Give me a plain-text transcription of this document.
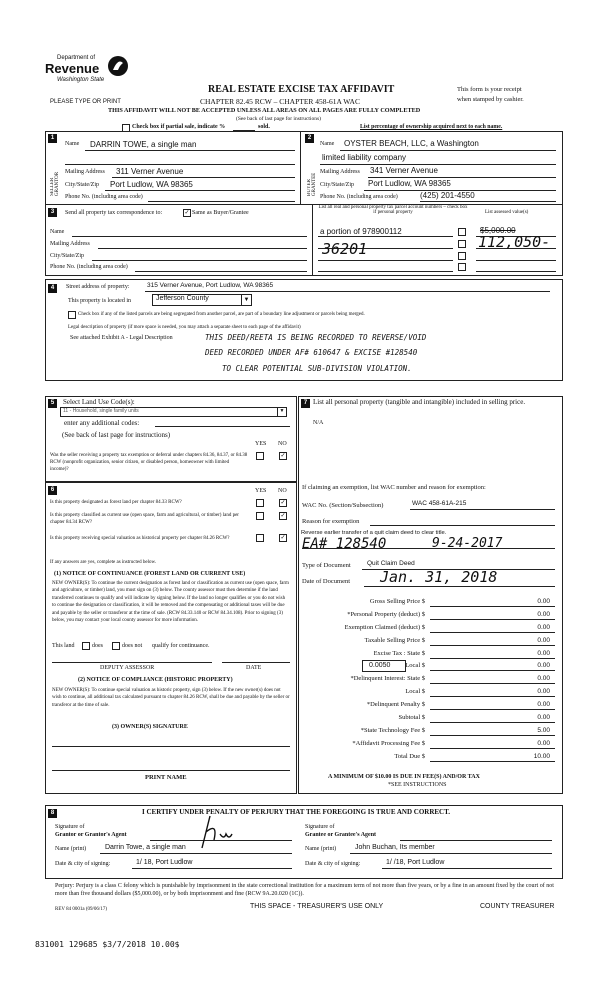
Department of
Revenue
Washington State
REAL ESTATE EXCISE TAX AFFIDAVIT
PLEASE TYPE OR PRINT	CHAPTER 82.45 RCW – CHAPTER 458-61A WAC
This form is your receipt
when stamped by cashier.
THIS AFFIDAVIT WILL NOT BE ACCEPTED UNLESS ALL AREAS ON ALL PAGES ARE FULLY COMPLETED
(See back of last page for instructions)
Check box if partial sale, indicate %	sold.	List percentage of ownership acquired next to each name.
1
SELLER GRANTOR
Name DARRIN TOWE, a single man
Mailing Address 311 Verner Avenue
City/State/Zip Port Ludlow, WA 98365
Phone No. (including area code)
2
BUYER GRANTEE
Name OYSTER BEACH, LLC, a Washington
limited liability company
Mailing Address 341 Verner Avenue
City/State/Zip Port Ludlow, WA 98365
Phone No. (including area code)	(425) 201-4550
3	Send all property tax correspondence to:	✓ Same as Buyer/Grantee
List all real and personal property tax parcel account numbers – check box if personal property	List assessed value(s)
Name
Mailing Address
City/State/Zip
Phone No. (including area code)
a portion of 978900112
36201
$5,000.00
112,050-
4	Street address of property:	315 Verner Avenue, Port Ludlow, WA 98365
This property is located in	Jefferson County	▼
Check box if any of the listed parcels are being segregated from another parcel, are part of a boundary line adjustment or parcels being merged.
Legal description of property (if more space is needed, you may attach a separate sheet to each page of the affidavit)
See attached Exhibit A - Legal Description	THIS DEED/REETA IS BEING RECORDED TO REVERSE/VOID
DEED RECORDED UNDER AF# 610647 & EXCISE #128540
TO CLEAR POTENTIAL SUB-DIVISION VIOLATION.
5	Select Land Use Code(s):
11 - Household, single family units	▼
enter any additional codes:
(See back of last page for instructions)
YES NO
Was the seller receiving a property tax exemption or deferral under chapters 84.36, 84.37, or 84.38 RCW (nonprofit organization, senior citizen, or disabled person, homeowner with limited income)?
✓
6	YES NO
Is this property designated as forest land per chapter 84.33 RCW?	✓
Is this property classified as current use (open space, farm and agricultural, or timber) land per chapter 84.34 RCW?
✓
Is this property receiving special valuation as historical property per chapter 84.26 RCW?	✓
If any answers are yes, complete as instructed below.
(1) NOTICE OF CONTINUANCE (FOREST LAND OR CURRENT USE)
NEW OWNER(S): To continue the current designation as forest land or classification as current use (open space, farm and agriculture, or timber) land, you must sign on (3) below. The county assessor must then determine if the land transferred continues to qualify and will indicate by signing below. If the land no longer qualifies or you do not wish to continue the designation or classification, it will be removed and the compensating or additional taxes will be due and payable by the seller or transferor at the time of sale. (RCW 84.33.140 or RCW 84.34.108). Prior to signing (3) below, you may contact your local county assessor for more information.
This land	does	does not qualify for continuance.
DEPUTY ASSESSOR	DATE
(2) NOTICE OF COMPLIANCE (HISTORIC PROPERTY)
NEW OWNER(S): To continue special valuation as historic property, sign (3) below. If the new owner(s) does not wish to continue, all additional tax calculated pursuant to chapter 84.26 RCW, shall be due and payable by the seller or transferor at the time of sale.
(3) OWNER(S) SIGNATURE
PRINT NAME
7 List all personal property (tangible and intangible) included in selling price.
N/A
If claiming an exemption, list WAC number and reason for exemption:
WAC No. (Section/Subsection)	WAC 458-61A-215
Reason for exemption
Reverse earlier transfer of a quit claim deed to clear title.
EA# 128540	9-24-2017
Type of Document	Quit Claim Deed
Date of Document Jan. 31, 2018
Gross Selling Price $	0.00
*Personal Property (deduct) $	0.00
Exemption Claimed (deduct) $	0.00
Taxable Selling Price $	0.00
Excise Tax : State $	0.00
0.0050	Local $	0.00
*Delinquent Interest: State $	0.00
Local $	0.00
*Delinquent Penalty $	0.00
Subtotal $	0.00
*State Technology Fee $	5.00
*Affidavit Processing Fee $	0.00
Total Due $	10.00
A MINIMUM OF $10.00 IS DUE IN FEE(S) AND/OR TAX
*SEE INSTRUCTIONS
8	I CERTIFY UNDER PENALTY OF PERJURY THAT THE FOREGOING IS TRUE AND CORRECT.
Signature of
Grantor or Grantor's Agent
Signature of
Grantee or Grantee's Agent
Name (print)	Darrin Towe, a single man	Name (print)	John Buchan, Its member
Date & city of signing:	1/ 18, Port Ludlow	Date & city of signing:	1/ /18, Port Ludlow
Perjury: Perjury is a class C felony which is punishable by imprisonment in the state correctional institution for a maximum term of not more than five years, or by a fine in an amount fixed by the court of not more than five thousand dollars ($5,000.00), or by both imprisonment and fine (RCW 9A.20.020 (1C)).
REV 84 0001a (09/06/17)	THIS SPACE - TREASURER'S USE ONLY	COUNTY TREASURER
831001 129685 $3/7/2018 10.00$
